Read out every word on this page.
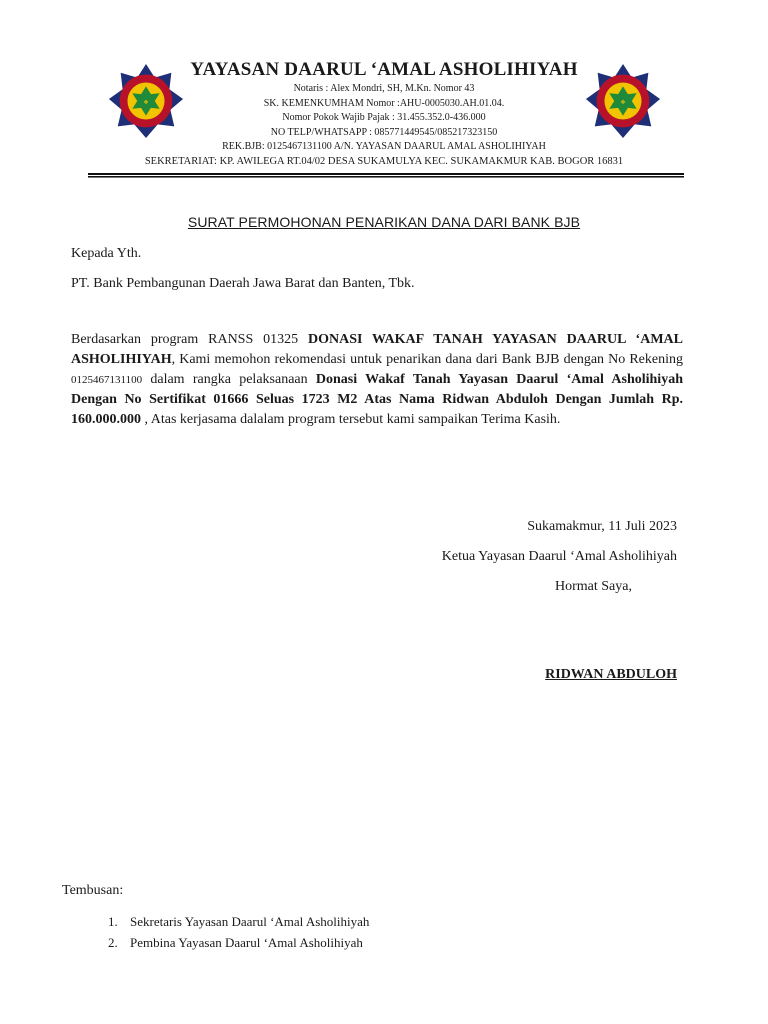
❖	❖
YAYASAN DAARUL ‘AMAL ASHOLIHIYAH
Notaris : Alex Mondri, SH, M.Kn. Nomor 43
SK. KEMENKUMHAM Nomor :AHU-0005030.AH.01.04.
Nomor Pokok Wajib Pajak : 31.455.352.0-436.000
NO TELP/WHATSAPP : 085771449545/085217323150
REK.BJB: 0125467131100 A/N. YAYASAN DAARUL AMAL ASHOLIHIYAH
SEKRETARIAT: KP. AWILEGA RT.04/02 DESA SUKAMULYA KEC. SUKAMAKMUR KAB. BOGOR 16831
SURAT PERMOHONAN PENARIKAN DANA DARI BANK BJB
Kepada Yth.
PT. Bank Pembangunan Daerah Jawa Barat dan Banten, Tbk.
Berdasarkan program RANSS 01325 DONASI WAKAF TANAH YAYASAN DAARUL ‘AMAL ASHOLIHIYAH, Kami memohon rekomendasi untuk penarikan dana dari Bank BJB dengan No Rekening 0125467131100 dalam rangka pelaksanaan Donasi Wakaf Tanah Yayasan Daarul ‘Amal Asholihiyah Dengan No Sertifikat 01666 Seluas 1723 M2 Atas Nama Ridwan Abduloh Dengan Jumlah Rp. 160.000.000 , Atas kerjasama dalalam program tersebut kami sampaikan Terima Kasih.
Sukamakmur, 11 Juli 2023
Ketua Yayasan Daarul ‘Amal Asholihiyah
Hormat Saya,
RIDWAN ABDULOH
Tembusan:
1. Sekretaris Yayasan Daarul ‘Amal Asholihiyah
2. Pembina Yayasan Daarul ‘Amal Asholihiyah
